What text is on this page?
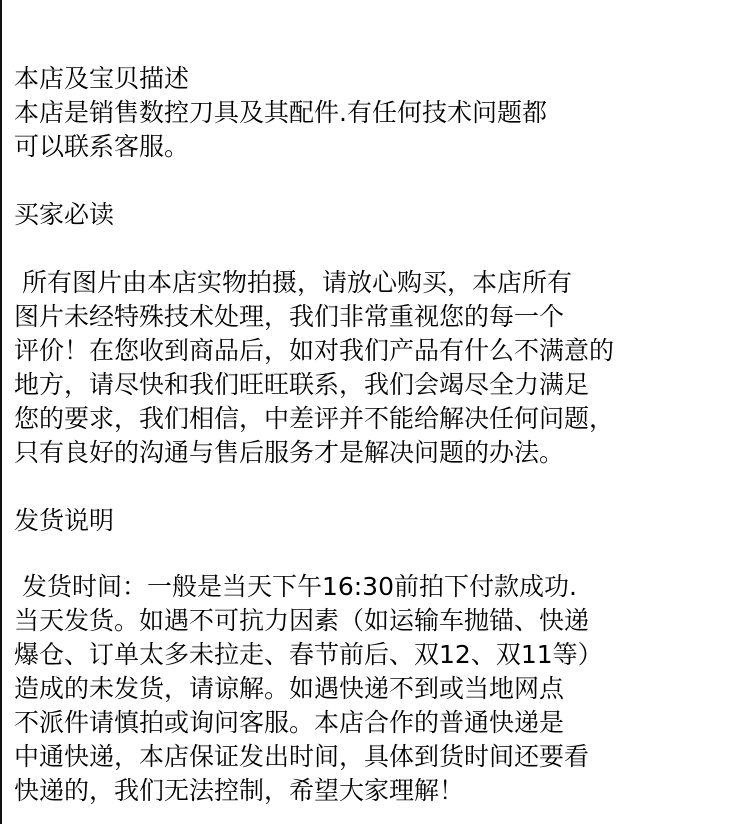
本店及宝贝描述
本店是销售数控刀具及其配件.有任何技术问题都
可以联系客服。
买家必读
所有图片由本店实物拍摄，请放心购买，本店所有
图片未经特殊技术处理，我们非常重视您的每一个
评价！在您收到商品后，如对我们产品有什么不满意的
地方，请尽快和我们旺旺联系，我们会竭尽全力满足
您的要求，我们相信，中差评并不能给解决任何问题，
只有良好的沟通与售后服务才是解决问题的办法。
发货说明
发货时间：一般是当天下午16:30前拍下付款成功.
当天发货。如遇不可抗力因素（如运输车抛锚、快递
爆仓、订单太多未拉走、春节前后、双12、双11等）
造成的未发货，请谅解。如遇快递不到或当地网点
不派件请慎拍或询问客服。本店合作的普通快递是
中通快递，本店保证发出时间，具体到货时间还要看
快递的，我们无法控制，希望大家理解！
